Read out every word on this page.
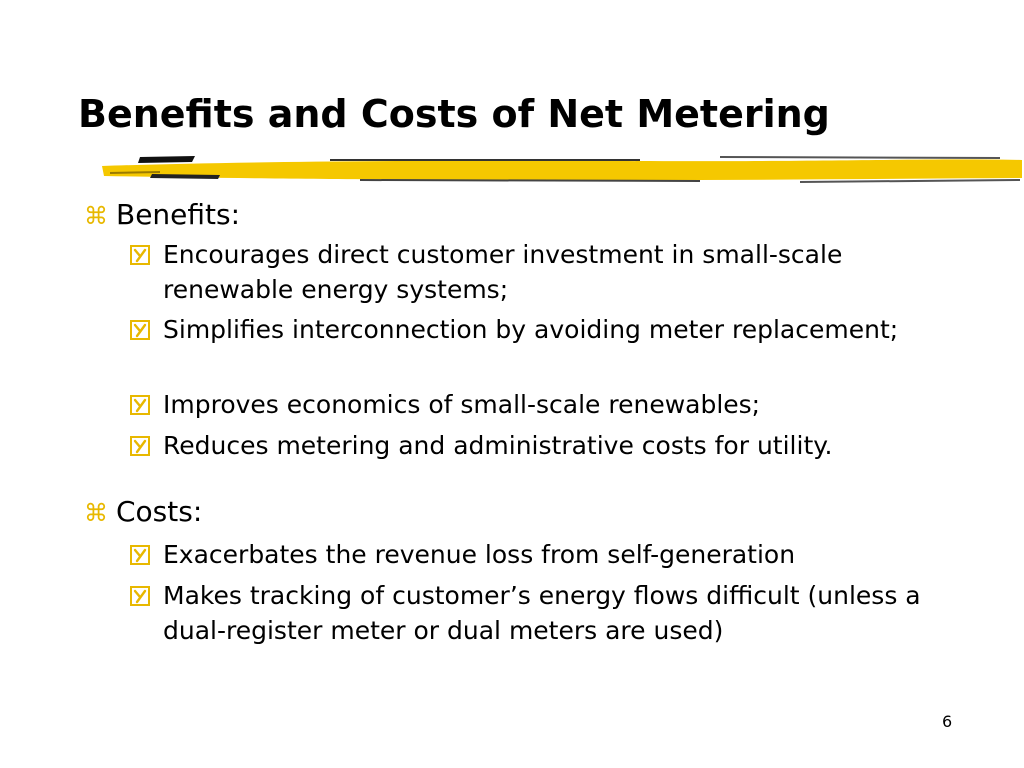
Benefits and Costs of Net Metering
⌘ Benefits:
Encourages direct customer investment in small-scale renewable energy systems;
Simplifies interconnection by avoiding meter replacement;
Improves economics of small-scale renewables;
Reduces metering and administrative costs for utility.
⌘ Costs:
Exacerbates the revenue loss from self-generation
Makes tracking of customer’s energy flows difficult (unless a dual-register meter or dual meters are used)
6
